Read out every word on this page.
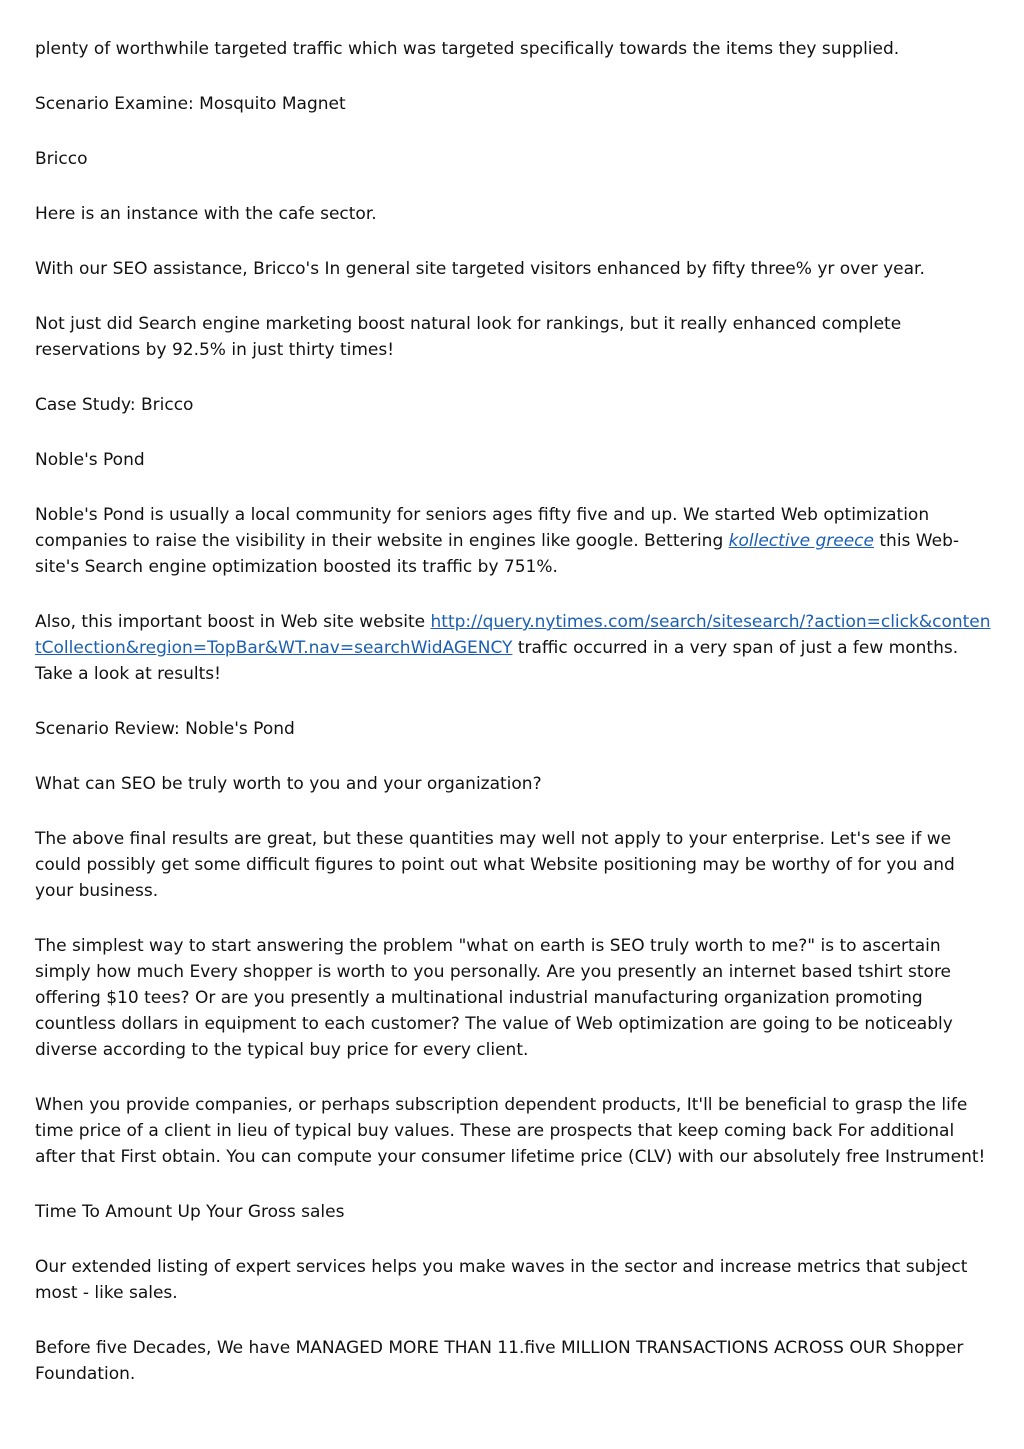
plenty of worthwhile targeted traffic which was targeted specifically towards the items they supplied.

Scenario Examine: Mosquito Magnet

Bricco

Here is an instance with the cafe sector.

With our SEO assistance, Bricco's In general site targeted visitors enhanced by fifty three% yr over year.

Not just did Search engine marketing boost natural look for rankings, but it really enhanced complete reservations by 92.5% in just thirty times!

Case Study: Bricco

Noble's Pond

Noble's Pond is usually a local community for seniors ages fifty five and up. We started Web optimization companies to raise the visibility in their website in engines like google. Bettering kollective greece this Web-site's Search engine optimization boosted its traffic by 751%.

Also, this important boost in Web site website http://query.nytimes.com/search/sitesearch/?action=click&contentCollection&region=TopBar&WT.nav=searchWidAGENCY traffic occurred in a very span of just a few months. Take a look at results!

Scenario Review: Noble's Pond

What can SEO be truly worth to you and your organization?

The above final results are great, but these quantities may well not apply to your enterprise. Let's see if we could possibly get some difficult figures to point out what Website positioning may be worthy of for you and your business.

The simplest way to start answering the problem "what on earth is SEO truly worth to me?" is to ascertain simply how much Every shopper is worth to you personally. Are you presently an internet based tshirt store offering $10 tees? Or are you presently a multinational industrial manufacturing organization promoting countless dollars in equipment to each customer? The value of Web optimization are going to be noticeably diverse according to the typical buy price for every client.

When you provide companies, or perhaps subscription dependent products, It'll be beneficial to grasp the life time price of a client in lieu of typical buy values. These are prospects that keep coming back For additional after that First obtain. You can compute your consumer lifetime price (CLV) with our absolutely free Instrument!

Time To Amount Up Your Gross sales

Our extended listing of expert services helps you make waves in the sector and increase metrics that subject most - like sales.

Before five Decades, We have MANAGED MORE THAN 11.five MILLION TRANSACTIONS ACROSS OUR Shopper Foundation.
